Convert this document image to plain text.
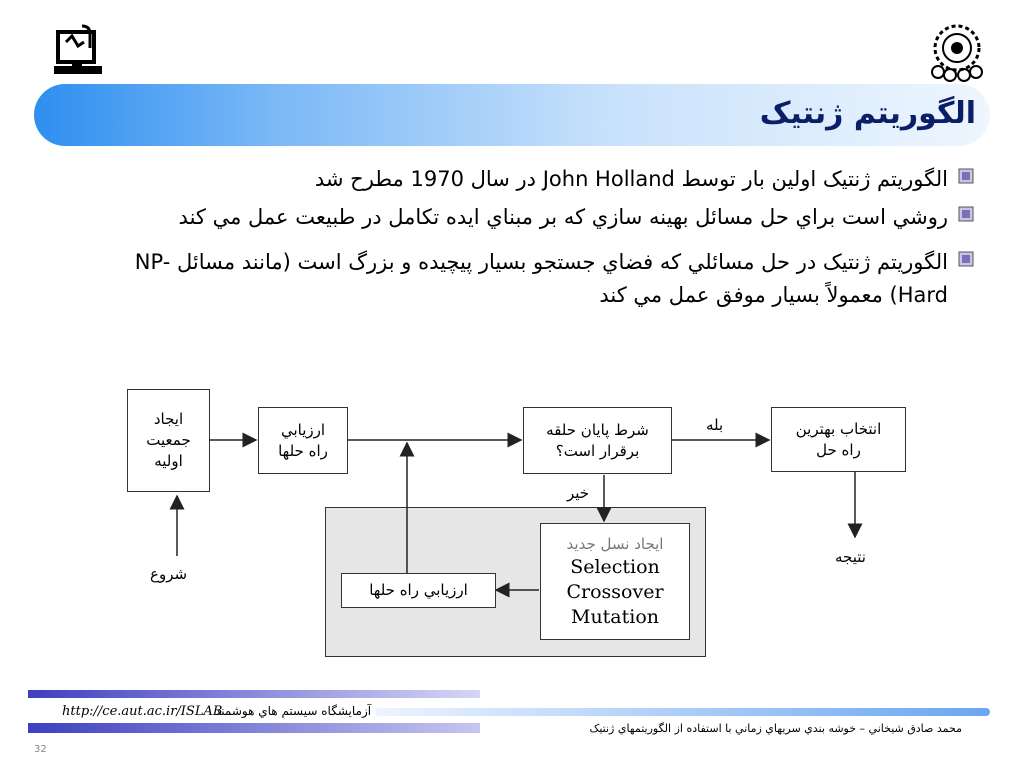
الگوريتم ژنتيک
الگوريتم ژنتيک اولين بار توسط John Holland در سال 1970 مطرح شد
روشي است براي حل مسائل بهينه سازي که بر مبناي ايده تکامل در طبيعت عمل مي کند
الگوريتم ژنتيک در حل مسائلي که فضاي جستجو بسيار پيچيده و بزرگ است (مانند مسائل NP-Hard) معمولاً بسيار موفق عمل مي کند
ايجاد جمعيت اوليه
ارزيابي راه حلها
شرط پايان حلقه برقرار است؟
انتخاب بهترين راه حل
ايجاد نسل جديد
Selection
Crossover
Mutation
ارزيابي راه حلها
بله
خير
شروع
نتيجه
http://ce.aut.ac.ir/ISLAB
آزمايشگاه سيستم هاي هوشمند
محمد صادق شيخاني – خوشه بندي سريهاي زماني با استفاده از الگوريتمهاي ژنتيک
32
